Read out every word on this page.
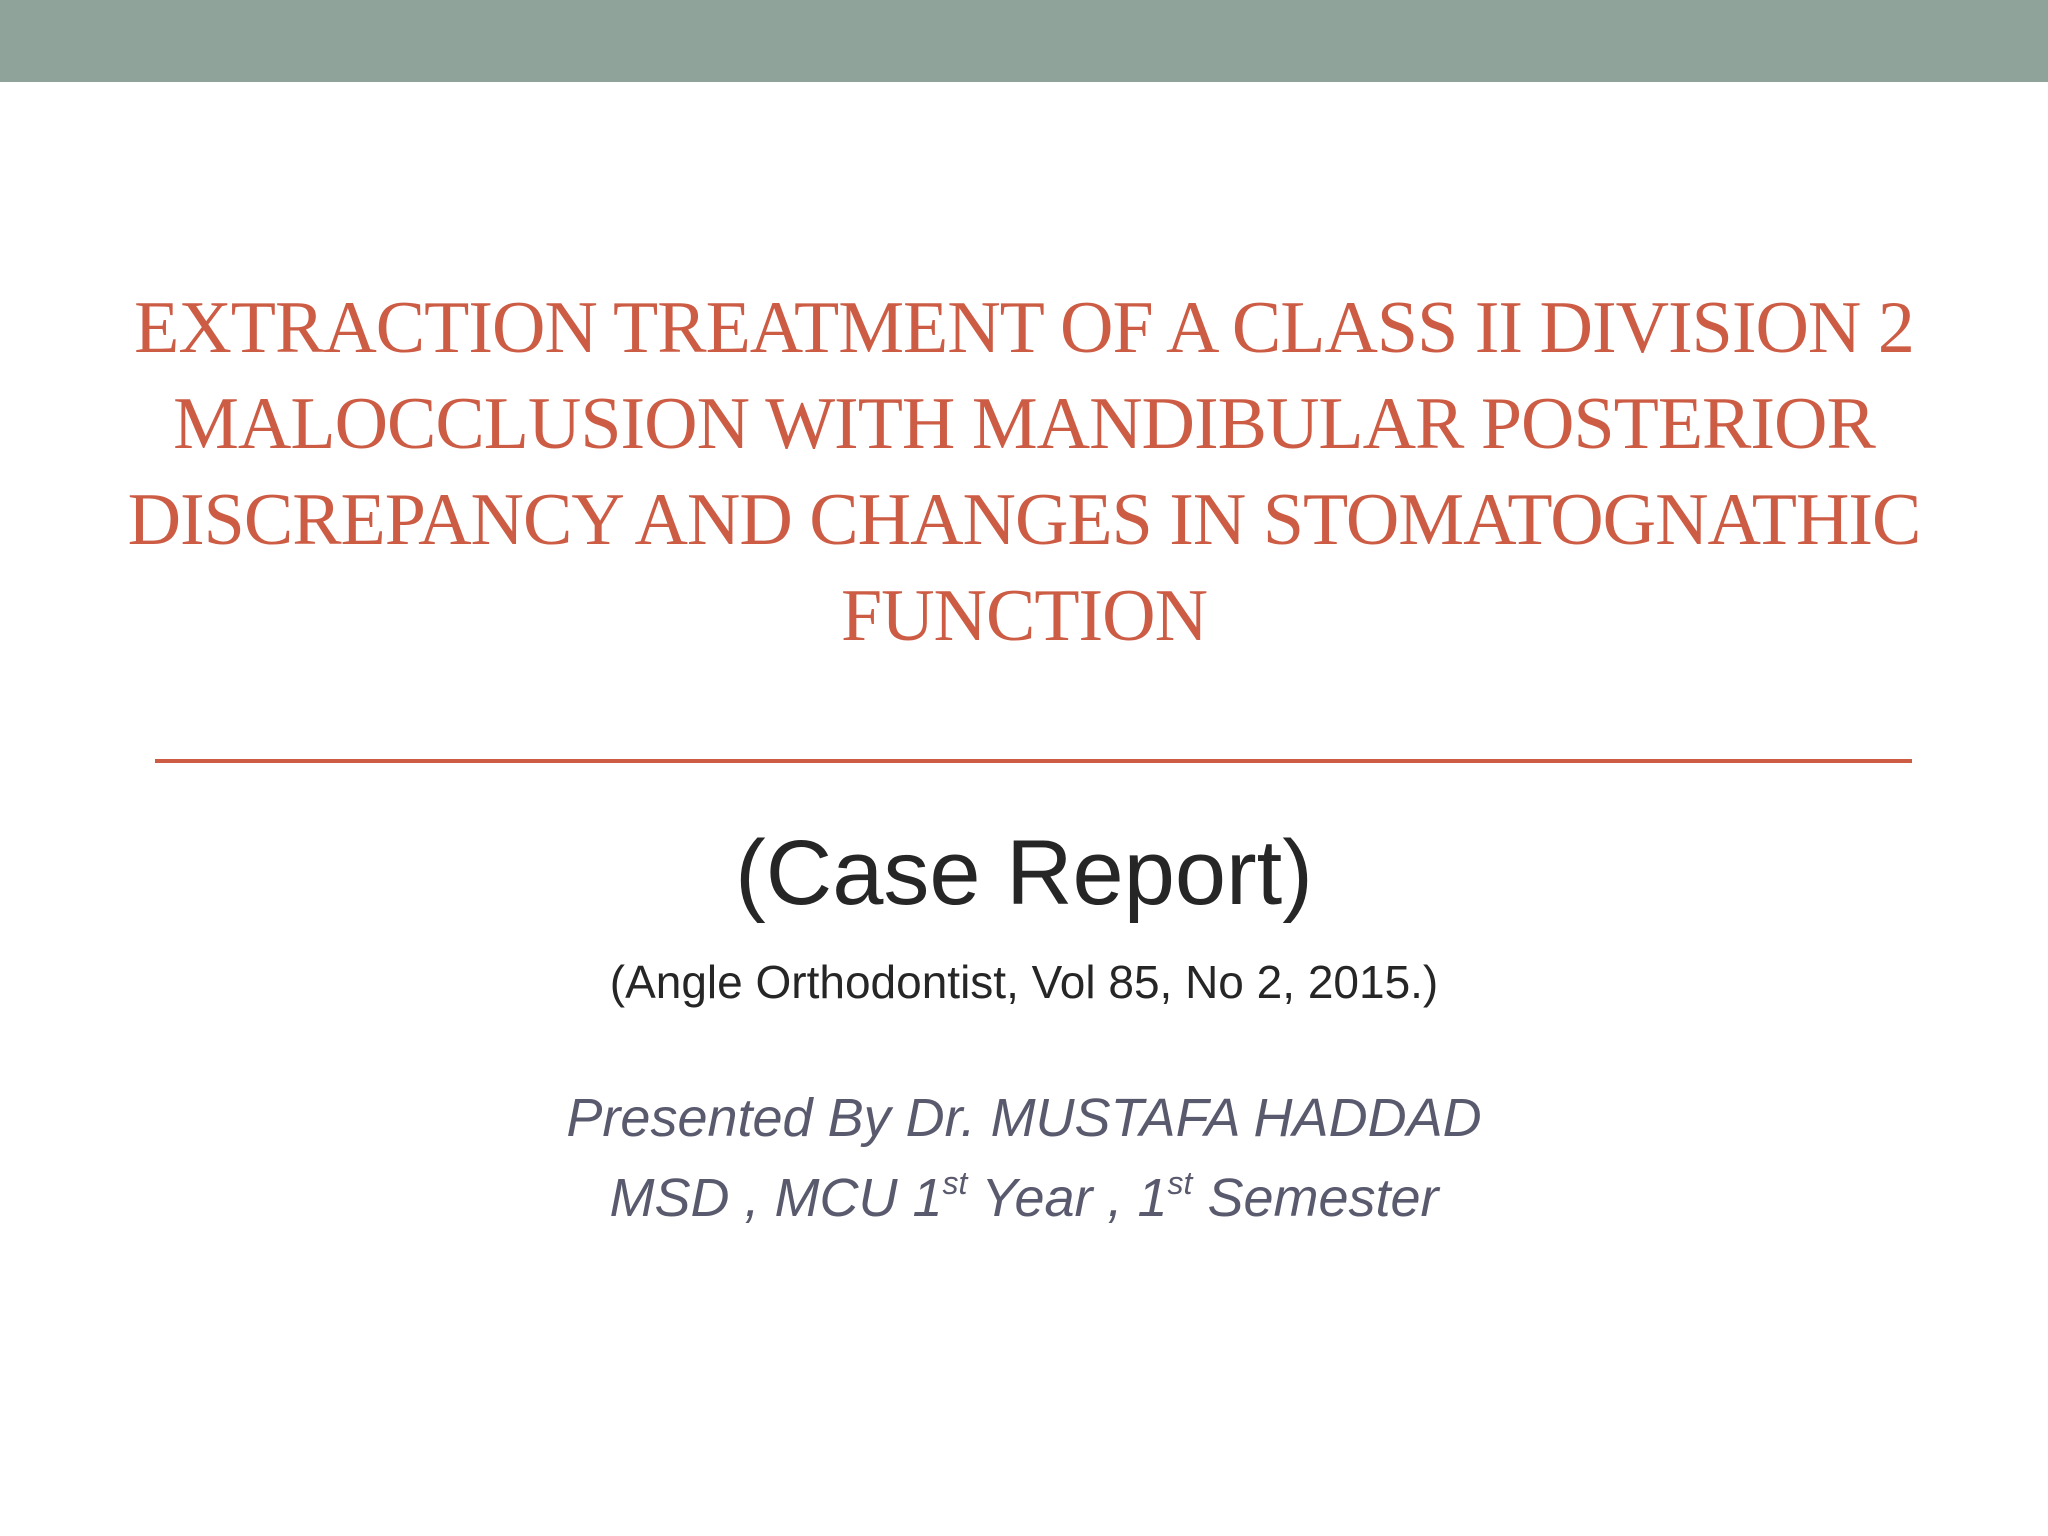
EXTRACTION TREATMENT OF A CLASS II DIVISION 2
MALOCCLUSION WITH MANDIBULAR POSTERIOR
DISCREPANCY AND CHANGES IN STOMATOGNATHIC
FUNCTION
(Case Report)
(Angle Orthodontist, Vol 85, No 2, 2015.)
Presented By Dr. MUSTAFA HADDAD
MSD , MCU 1st Year , 1st Semester
